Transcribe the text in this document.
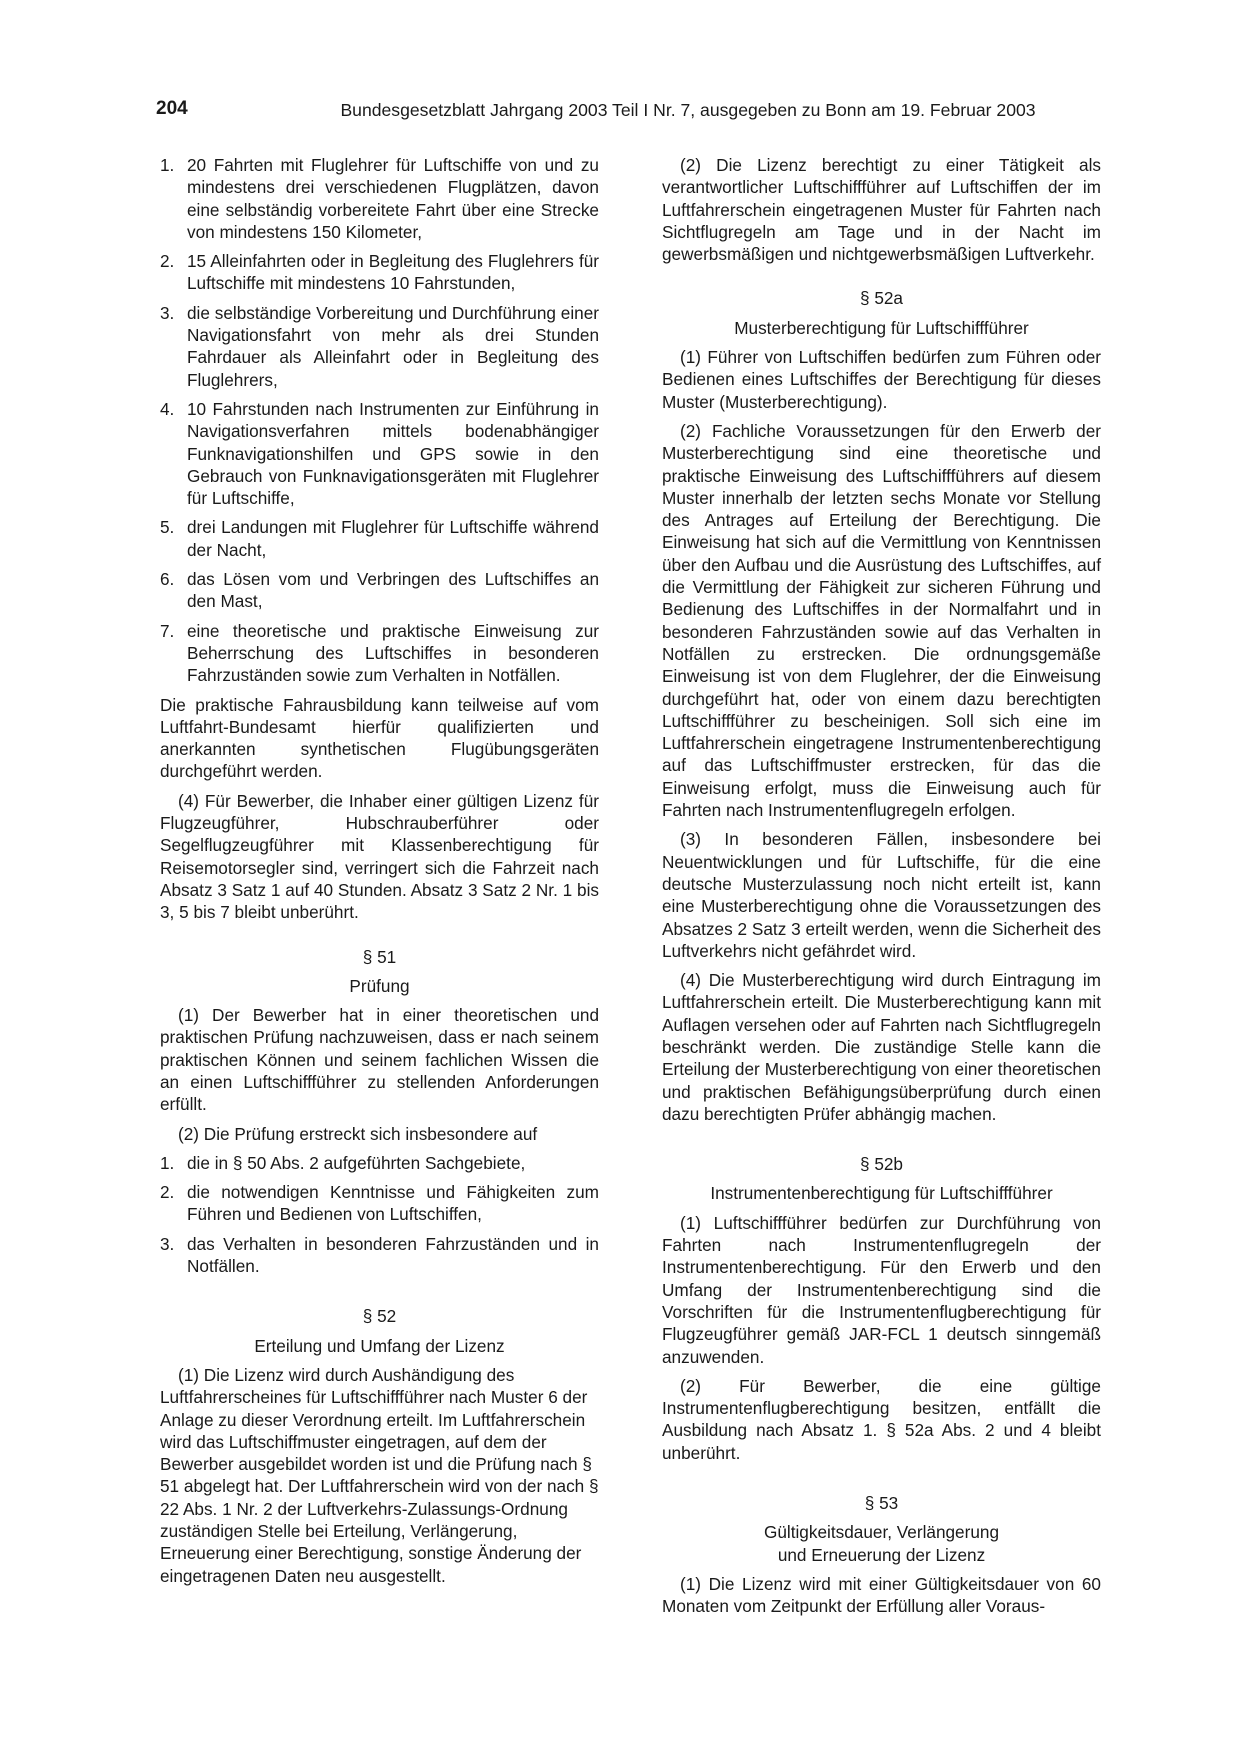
204	Bundesgesetzblatt Jahrgang 2003 Teil I Nr. 7, ausgegeben zu Bonn am 19. Februar 2003
1. 20 Fahrten mit Fluglehrer für Luftschiffe von und zu mindestens drei verschiedenen Flugplätzen, davon eine selbständig vorbereitete Fahrt über eine Strecke von mindestens 150 Kilometer,
2. 15 Alleinfahrten oder in Begleitung des Fluglehrers für Luftschiffe mit mindestens 10 Fahrstunden,
3. die selbständige Vorbereitung und Durchführung einer Navigationsfahrt von mehr als drei Stunden Fahrdauer als Alleinfahrt oder in Begleitung des Fluglehrers,
4. 10 Fahrstunden nach Instrumenten zur Einführung in Navigationsverfahren mittels bodenabhängiger Funknavigationshilfen und GPS sowie in den Gebrauch von Funknavigationsgeräten mit Fluglehrer für Luftschiffe,
5. drei Landungen mit Fluglehrer für Luftschiffe während der Nacht,
6. das Lösen vom und Verbringen des Luftschiffes an den Mast,
7. eine theoretische und praktische Einweisung zur Beherrschung des Luftschiffes in besonderen Fahrzuständen sowie zum Verhalten in Notfällen.

Die praktische Fahrausbildung kann teilweise auf vom Luftfahrt-Bundesamt hierfür qualifizierten und anerkannten synthetischen Flugübungsgeräten durchgeführt werden.

(4) Für Bewerber, die Inhaber einer gültigen Lizenz für Flugzeugführer, Hubschrauberführer oder Segelflugzeugführer mit Klassenberechtigung für Reisemotorsegler sind, verringert sich die Fahrzeit nach Absatz 3 Satz 1 auf 40 Stunden. Absatz 3 Satz 2 Nr. 1 bis 3, 5 bis 7 bleibt unberührt.

§ 51
Prüfung

(1) Der Bewerber hat in einer theoretischen und praktischen Prüfung nachzuweisen, dass er nach seinem praktischen Können und seinem fachlichen Wissen die an einen Luftschiffführer zu stellenden Anforderungen erfüllt.

(2) Die Prüfung erstreckt sich insbesondere auf

1. die in § 50 Abs. 2 aufgeführten Sachgebiete,
2. die notwendigen Kenntnisse und Fähigkeiten zum Führen und Bedienen von Luftschiffen,
3. das Verhalten in besonderen Fahrzuständen und in Notfällen.
§ 52
Erteilung und Umfang der Lizenz

(1) Die Lizenz wird durch Aushändigung des Luftfahrerscheines für Luftschiffführer nach Muster 6 der Anlage zu dieser Verordnung erteilt. Im Luftfahrerschein wird das Luftschiffmuster eingetragen, auf dem der Bewerber ausgebildet worden ist und die Prüfung nach § 51 abgelegt hat. Der Luftfahrerschein wird von der nach § 22 Abs. 1 Nr. 2 der Luftverkehrs-Zulassungs-Ordnung zuständigen Stelle bei Erteilung, Verlängerung, Erneuerung einer Berechtigung, sonstige Änderung der eingetragenen Daten neu ausgestellt.

(2) Die Lizenz berechtigt zu einer Tätigkeit als verantwortlicher Luftschiffführer auf Luftschiffen der im Luftfahrerschein eingetragenen Muster für Fahrten nach Sichtflugregeln am Tage und in der Nacht im gewerbsmäßigen und nichtgewerbsmäßigen Luftverkehr.

§ 52a
Musterberechtigung für Luftschiffführer

(1) Führer von Luftschiffen bedürfen zum Führen oder Bedienen eines Luftschiffes der Berechtigung für dieses Muster (Musterberechtigung).

(2) Fachliche Voraussetzungen für den Erwerb der Musterberechtigung sind eine theoretische und praktische Einweisung des Luftschiffführers auf diesem Muster innerhalb der letzten sechs Monate vor Stellung des Antrages auf Erteilung der Berechtigung. Die Einweisung hat sich auf die Vermittlung von Kenntnissen über den Aufbau und die Ausrüstung des Luftschiffes, auf die Vermittlung der Fähigkeit zur sicheren Führung und Bedienung des Luftschiffes in der Normalfahrt und in besonderen Fahrzuständen sowie auf das Verhalten in Notfällen zu erstrecken. Die ordnungsgemäße Einweisung ist von dem Fluglehrer, der die Einweisung durchgeführt hat, oder von einem dazu berechtigten Luftschiffführer zu bescheinigen. Soll sich eine im Luftfahrerschein eingetragene Instrumentenberechtigung auf das Luftschiffmuster erstrecken, für das die Einweisung erfolgt, muss die Einweisung auch für Fahrten nach Instrumentenflugregeln erfolgen.

(3) In besonderen Fällen, insbesondere bei Neuentwicklungen und für Luftschiffe, für die eine deutsche Musterzulassung noch nicht erteilt ist, kann eine Musterberechtigung ohne die Voraussetzungen des Absatzes 2 Satz 3 erteilt werden, wenn die Sicherheit des Luftverkehrs nicht gefährdet wird.

(4) Die Musterberechtigung wird durch Eintragung im Luftfahrerschein erteilt. Die Musterberechtigung kann mit Auflagen versehen oder auf Fahrten nach Sichtflugregeln beschränkt werden. Die zuständige Stelle kann die Erteilung der Musterberechtigung von einer theoretischen und praktischen Befähigungsüberprüfung durch einen dazu berechtigten Prüfer abhängig machen.

§ 52b
Instrumentenberechtigung für Luftschiffführer

(1) Luftschiffführer bedürfen zur Durchführung von Fahrten nach Instrumentenflugregeln der Instrumentenberechtigung. Für den Erwerb und den Umfang der Instrumentenberechtigung sind die Vorschriften für die Instrumentenflugberechtigung für Flugzeugführer gemäß JAR-FCL 1 deutsch sinngemäß anzuwenden.

(2) Für Bewerber, die eine gültige Instrumentenflugberechtigung besitzen, entfällt die Ausbildung nach Absatz 1. § 52a Abs. 2 und 4 bleibt unberührt.

§ 53
Gültigkeitsdauer, Verlängerung
und Erneuerung der Lizenz

(1) Die Lizenz wird mit einer Gültigkeitsdauer von 60 Monaten vom Zeitpunkt der Erfüllung aller Voraus-
